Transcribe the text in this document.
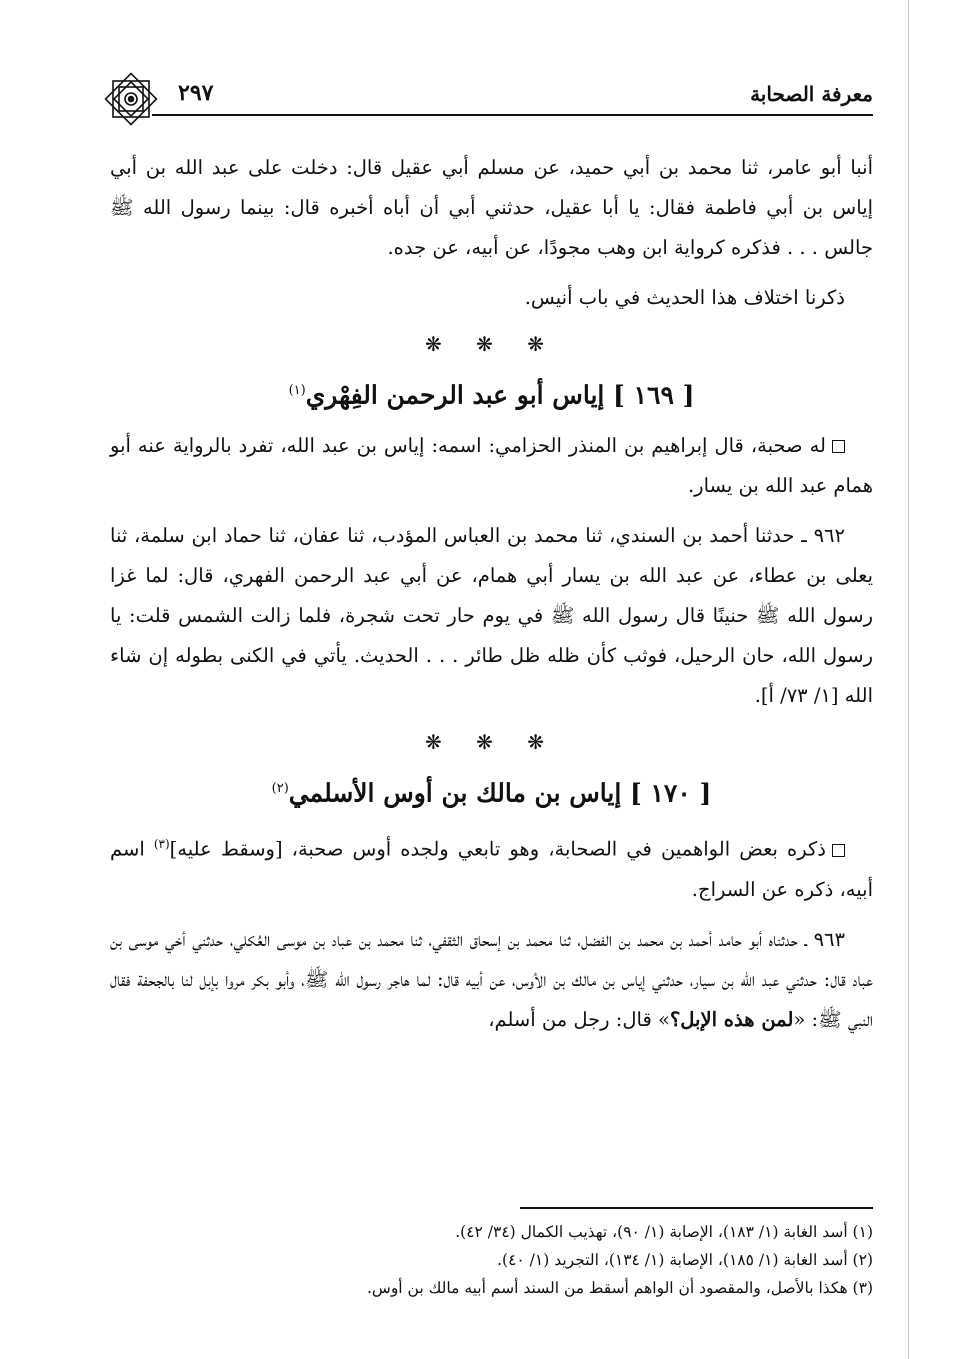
٢٩٧	معرفة الصحابة

أنبا أبو عامر، ثنا محمد بن أبي حميد، عن مسلم أبي عقيل قال: دخلت على عبد الله بن أبي إياس بن أبي فاطمة فقال: يا أبا عقيل، حدثني أبي أن أباه أخبره قال: بينما رسول الله ﷺ جالس . . . فذكره كرواية ابن وهب مجودًا، عن أبيه، عن جده.

ذكرنا اختلاف هذا الحديث في باب أنيس.

❋ ❋ ❋
[ ١٦٩ ] إياس أبو عبد الرحمن الفِهْري$^{(١)}$

له صحبة، قال إبراهيم بن المنذر الحزامي: اسمه: إياس بن عبد الله، تفرد بالرواية عنه أبو همام عبد الله بن يسار.

٩٦٢ ـ حدثنا أحمد بن السندي، ثنا محمد بن العباس المؤدب، ثنا عفان، ثنا حماد ابن سلمة، ثنا يعلى بن عطاء، عن عبد الله بن يسار أبي همام، عن أبي عبد الرحمن الفهري، قال: لما غزا رسول الله ﷺ حنينًا قال رسول الله ﷺ في يوم حار تحت شجرة، فلما زالت الشمس قلت: يا رسول الله، حان الرحيل، فوثب كأن ظله ظل طائر . . . الحديث. يأتي في الكنى بطوله إن شاء الله [١/ ٧٣/ أ].

❋ ❋ ❋
[ ١٧٠ ] إياس بن مالك بن أوس الأسلمي$^{(٢)}$

ذكره بعض الواهمين في الصحابة، وهو تابعي ولجده أوس صحبة، [وسقط عليه]$^{(٣)}$ اسم أبيه، ذكره عن السراج.

٩٦٣ ـ حدثناه أبو حامد أحمد بن محمد بن الفضل، ثنا محمد بن إسحاق الثقفي، ثنا محمد بن عباد بن موسى العُكلي، حدثني أخي موسى بن عباد قال: حدثني عبد الله بن سيار، حدثني إياس بن مالك بن الأوس، عن أبيه قال: لما هاجر رسول الله ﷺ، وأبو بكر مروا بإبل لنا بالجحفة فقال النبي ﷺ: «لمن هذه الإبل؟» قال: رجل من أسلم،

(١) أسد الغابة (١/ ١٨٣)، الإصابة (١/ ٩٠)، تهذيب الكمال (٣٤/ ٤٢).

(٢) أسد الغابة (١/ ١٨٥)، الإصابة (١/ ١٣٤)، التجريد (١/ ٤٠).

(٣) هكذا بالأصل، والمقصود أن الواهم أسقط من السند أسم أبيه مالك بن أوس.
